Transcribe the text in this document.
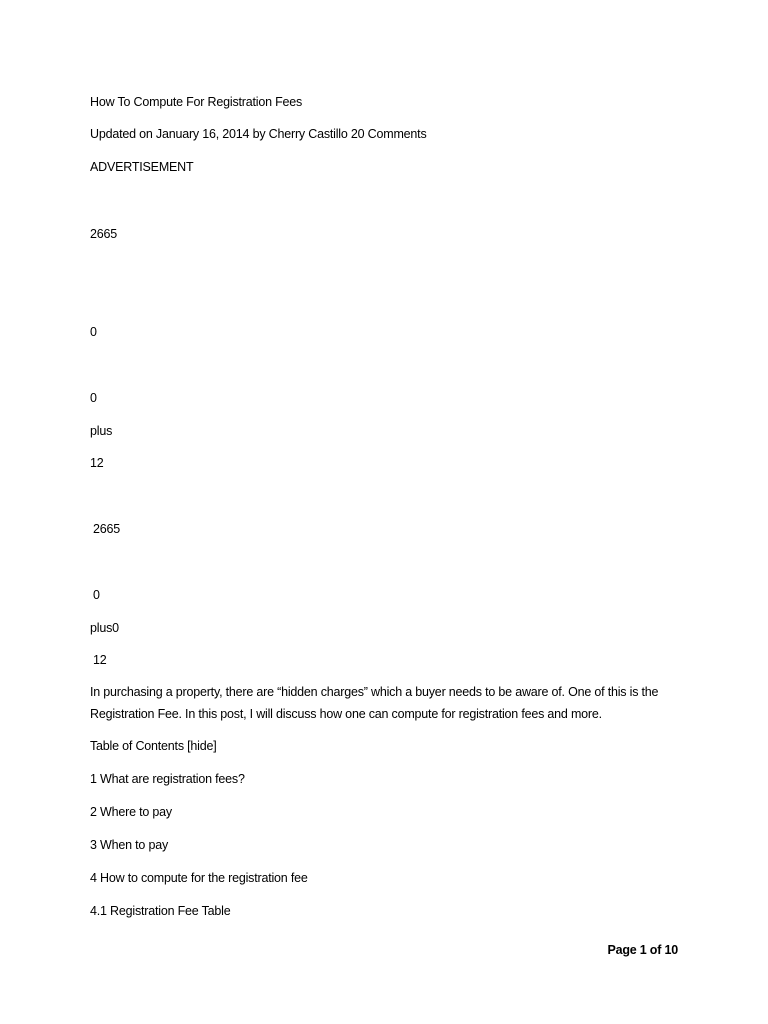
How To Compute For Registration Fees
Updated on January 16, 2014 by Cherry Castillo 20 Comments
ADVERTISEMENT
2665
0
0
plus
12
2665
0
plus0
12
In purchasing a property, there are “hidden charges” which a buyer needs to be aware of. One of this is the Registration Fee. In this post, I will discuss how one can compute for registration fees and more.
Table of Contents [hide]
1 What are registration fees?
2 Where to pay
3 When to pay
4 How to compute for the registration fee
4.1 Registration Fee Table
Page 1 of 10
